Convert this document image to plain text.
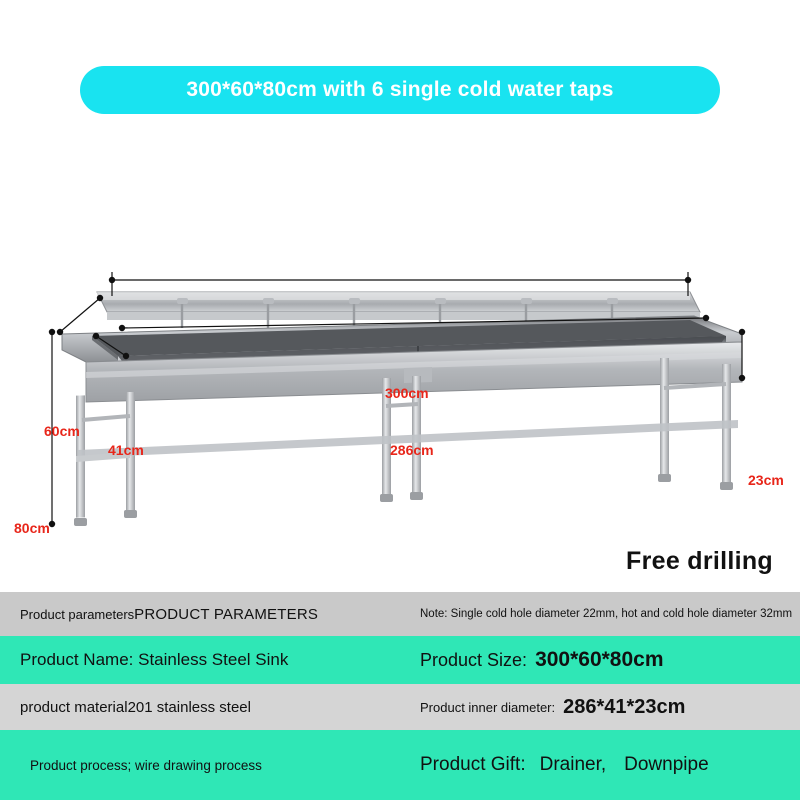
300*60*80cm with 6 single cold water taps
300cm
286cm
60cm
41cm
80cm
23cm
Free drilling
Product parameters PRODUCT PARAMETERS	Note: Single cold hole diameter 22mm, hot and cold hole diameter 32mm
Product Name: Stainless Steel Sink	Product Size: 300*60*80cm
product material 201 stainless steel	Product inner diameter: 286*41*23cm
Product process; wire drawing process	Product Gift: Drainer, Downpipe
